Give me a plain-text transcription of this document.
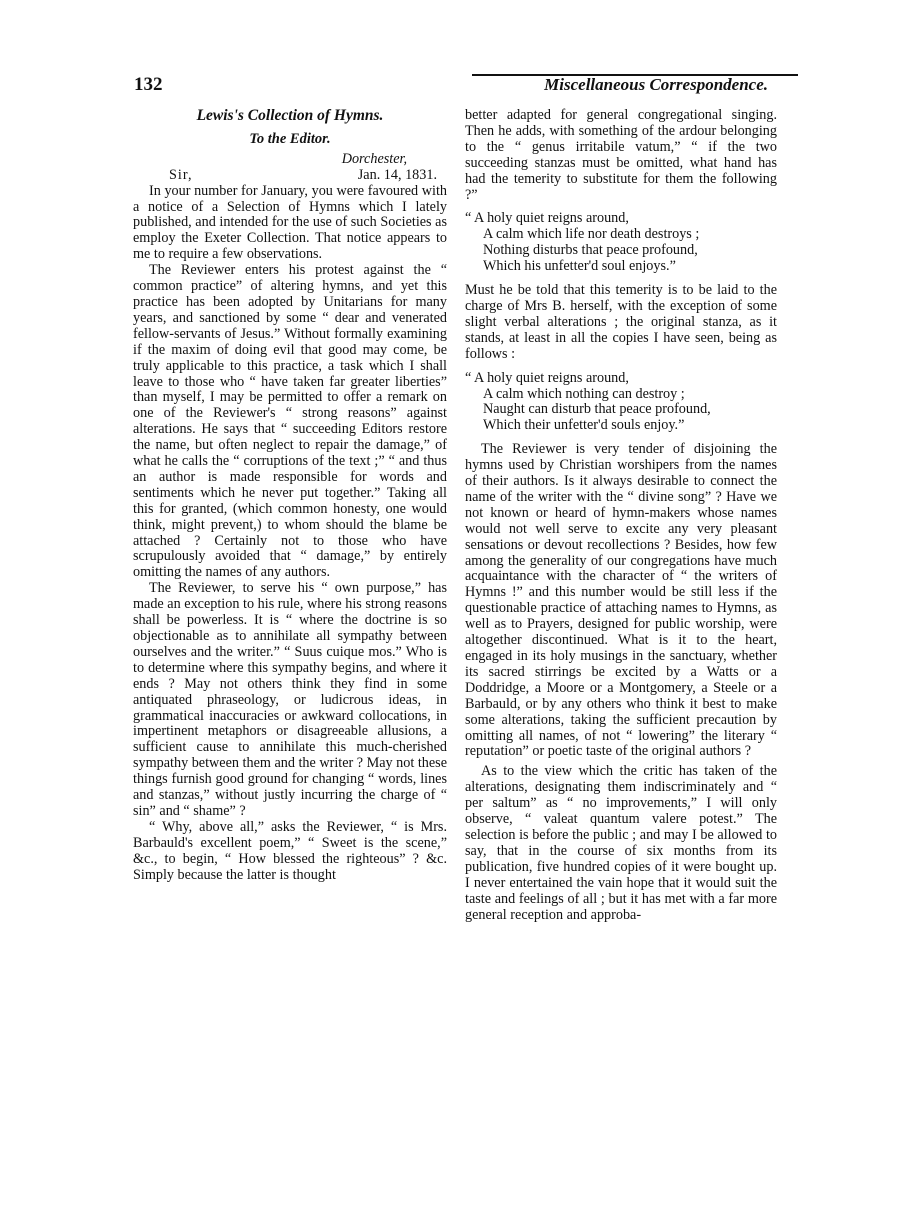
132	Miscellaneous Correspondence.
Lewis's Collection of Hymns.
To the Editor.
Dorchester,
Sir,	Jan. 14, 1831.

In your number for January, you were favoured with a notice of a Selection of Hymns which I lately published, and intended for the use of such Societies as employ the Exeter Collection. That notice appears to me to require a few observations.

The Reviewer enters his protest against the “ common practice” of altering hymns, and yet this practice has been adopted by Unitarians for many years, and sanctioned by some “ dear and venerated fellow-servants of Jesus.” Without formally examining if the maxim of doing evil that good may come, be truly applicable to this practice, a task which I shall leave to those who “ have taken far greater liberties” than myself, I may be permitted to offer a remark on one of the Reviewer's “ strong reasons” against alterations. He says that “ succeeding Editors restore the name, but often neglect to repair the damage,” of what he calls the “ corruptions of the text ;” “ and thus an author is made responsible for words and sentiments which he never put together.” Taking all this for granted, (which common honesty, one would think, might prevent,) to whom should the blame be attached ? Certainly not to those who have scrupulously avoided that “ damage,” by entirely omitting the names of any authors.

The Reviewer, to serve his “ own purpose,” has made an exception to his rule, where his strong reasons shall be powerless. It is “ where the doctrine is so objectionable as to annihilate all sympathy between ourselves and the writer.” “ Suus cuique mos.” Who is to determine where this sympathy begins, and where it ends ? May not others think they find in some antiquated phraseology, or ludicrous ideas, in grammatical inaccuracies or awkward collocations, in impertinent metaphors or disagreeable allusions, a sufficient cause to annihilate this much-cherished sympathy between them and the writer ? May not these things furnish good ground for changing “ words, lines and stanzas,” without justly incurring the charge of “ sin” and “ shame” ?

“ Why, above all,” asks the Reviewer, “ is Mrs. Barbauld's excellent poem,” “ Sweet is the scene,” &c., to begin, “ How blessed the righteous” ? &c. Simply because the latter is thought

better adapted for general congregational singing. Then he adds, with something of the ardour belonging to the “ genus irritabile vatum,” “ if the two succeeding stanzas must be omitted, what hand has had the temerity to substitute for them the following ?”

“ A holy quiet reigns around,
A calm which life nor death destroys ;
Nothing disturbs that peace profound,
Which his unfetter'd soul enjoys.”

Must he be told that this temerity is to be laid to the charge of Mrs B. herself, with the exception of some slight verbal alterations ; the original stanza, as it stands, at least in all the copies I have seen, being as follows :

“ A holy quiet reigns around,
A calm which nothing can destroy ;
Naught can disturb that peace profound,
Which their unfetter'd souls enjoy.”

The Reviewer is very tender of disjoining the hymns used by Christian worshipers from the names of their authors. Is it always desirable to connect the name of the writer with the “ divine song” ? Have we not known or heard of hymn-makers whose names would not well serve to excite any very pleasant sensations or devout recollections ? Besides, how few among the generality of our congregations have much acquaintance with the character of “ the writers of Hymns !” and this number would be still less if the questionable practice of attaching names to Hymns, as well as to Prayers, designed for public worship, were altogether discontinued. What is it to the heart, engaged in its holy musings in the sanctuary, whether its sacred stirrings be excited by a Watts or a Doddridge, a Moore or a Montgomery, a Steele or a Barbauld, or by any others who think it best to make some alterations, taking the sufficient precaution by omitting all names, of not “ lowering” the literary “ reputation” or poetic taste of the original authors ?

As to the view which the critic has taken of the alterations, designating them indiscriminately and “ per saltum” as “ no improvements,” I will only observe, “ valeat quantum valere potest.” The selection is before the public ; and may I be allowed to say, that in the course of six months from its publication, five hundred copies of it were bought up. I never entertained the vain hope that it would suit the taste and feelings of all ; but it has met with a far more general reception and approba-
